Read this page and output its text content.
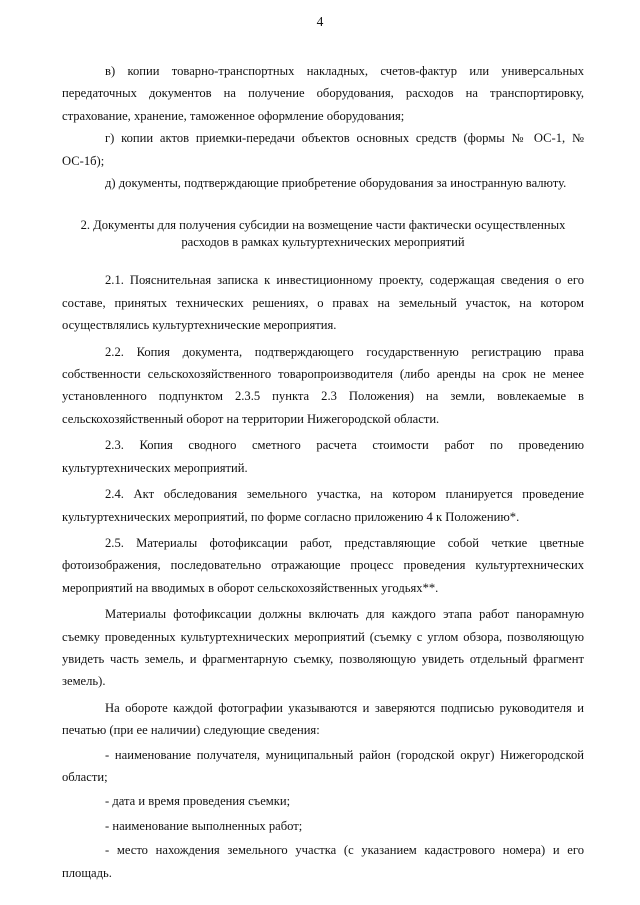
4

в) копии товарно-транспортных накладных, счетов-фактур или универсальных передаточных документов на получение оборудования, расходов на транспортировку, страхование, хранение, таможенное оформление оборудования;

г) копии актов приемки-передачи объектов основных средств (формы № ОС-1, № ОС-1б);

д) документы, подтверждающие приобретение оборудования за иностранную валюту.

2. Документы для получения субсидии на возмещение части фактически осуществленных расходов в рамках культуртехнических мероприятий

2.1. Пояснительная записка к инвестиционному проекту, содержащая сведения о его составе, принятых технических решениях, о правах на земельный участок, на котором осуществлялись культуртехнические мероприятия.

2.2. Копия документа, подтверждающего государственную регистрацию права собственности сельскохозяйственного товаропроизводителя (либо аренды на срок не менее установленного подпунктом 2.3.5 пункта 2.3 Положения) на земли, вовлекаемые в сельскохозяйственный оборот на территории Нижегородской области.

2.3. Копия сводного сметного расчета стоимости работ по проведению культуртехнических мероприятий.

2.4. Акт обследования земельного участка, на котором планируется проведение культуртехнических мероприятий, по форме согласно приложению 4 к Положению*.

2.5. Материалы фотофиксации работ, представляющие собой четкие цветные фотоизображения, последовательно отражающие процесс проведения культуртехнических мероприятий на вводимых в оборот сельскохозяйственных угодьях**.

Материалы фотофиксации должны включать для каждого этапа работ панорамную съемку проведенных культуртехнических мероприятий (съемку с углом обзора, позволяющую увидеть часть земель, и фрагментарную съемку, позволяющую увидеть отдельный фрагмент земель).

На обороте каждой фотографии указываются и заверяются подписью руководителя и печатью (при ее наличии) следующие сведения:

- наименование получателя, муниципальный район (городской округ) Нижегородской области;

- дата и время проведения съемки;

- наименование выполненных работ;

- место нахождения земельного участка (с указанием кадастрового номера) и его площадь.
